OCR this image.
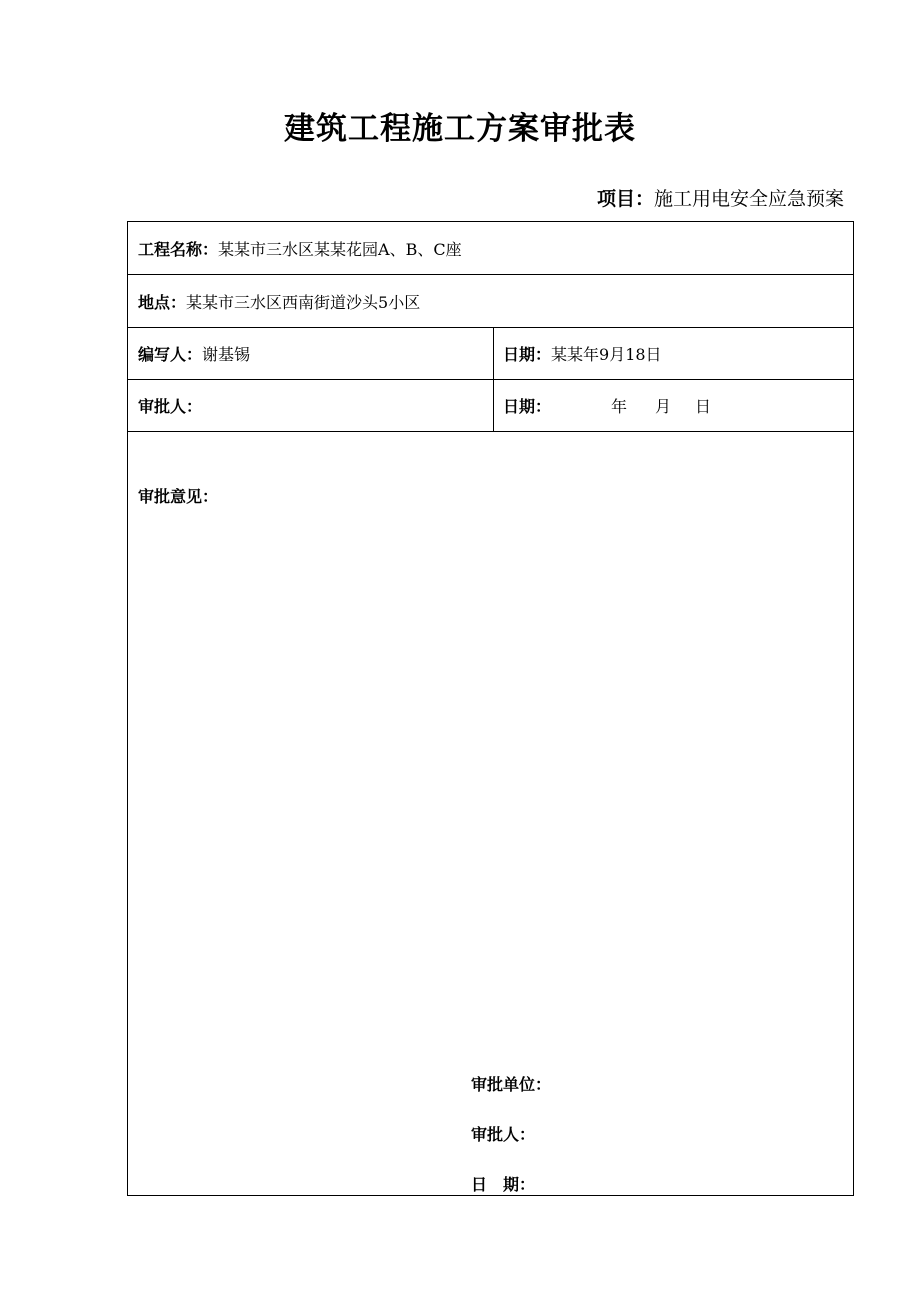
建筑工程施工方案审批表
项目：施工用电安全应急预案
工程名称： 某某市三水区某某花园A、B、C座
地点： 某某市三水区西南街道沙头5小区
编写人： 谢基锡	日期： 某某年9月18日
审批人：	日期：	年 月 日
审批意见：
审批单位：
审批人：
日　期：
